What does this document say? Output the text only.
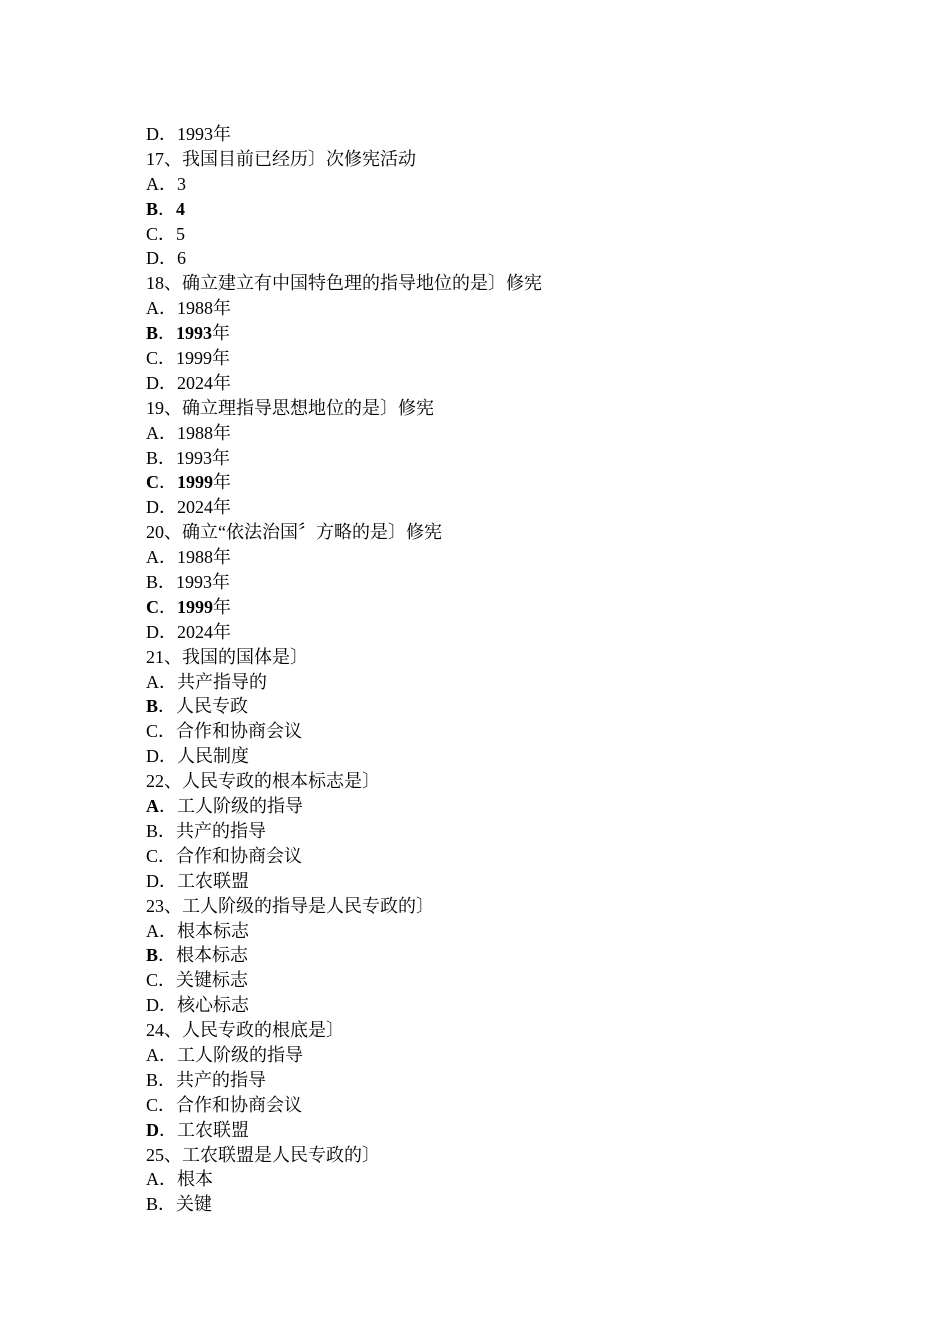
D．1993年
17、我国目前已经历〕次修宪活动
A．3
B．4
C．5
D．6
18、确立建立有中国特色理的指导地位的是〕修宪
A．1988年
B．1993年
C．1999年
D．2024年
19、确立理指导思想地位的是〕修宪
A．1988年
B．1993年
C．1999年
D．2024年
20、确立“依法治国〞方略的是〕修宪
A．1988年
B．1993年
C．1999年
D．2024年
21、我国的国体是〕
A．共产指导的
B．人民专政
C．合作和协商会议
D．人民制度
22、人民专政的根本标志是〕
A．工人阶级的指导
B．共产的指导
C．合作和协商会议
D．工农联盟
23、工人阶级的指导是人民专政的〕
A．根本标志
B．根本标志
C．关键标志
D．核心标志
24、人民专政的根底是〕
A．工人阶级的指导
B．共产的指导
C．合作和协商会议
D．工农联盟
25、工农联盟是人民专政的〕
A．根本
B．关键
